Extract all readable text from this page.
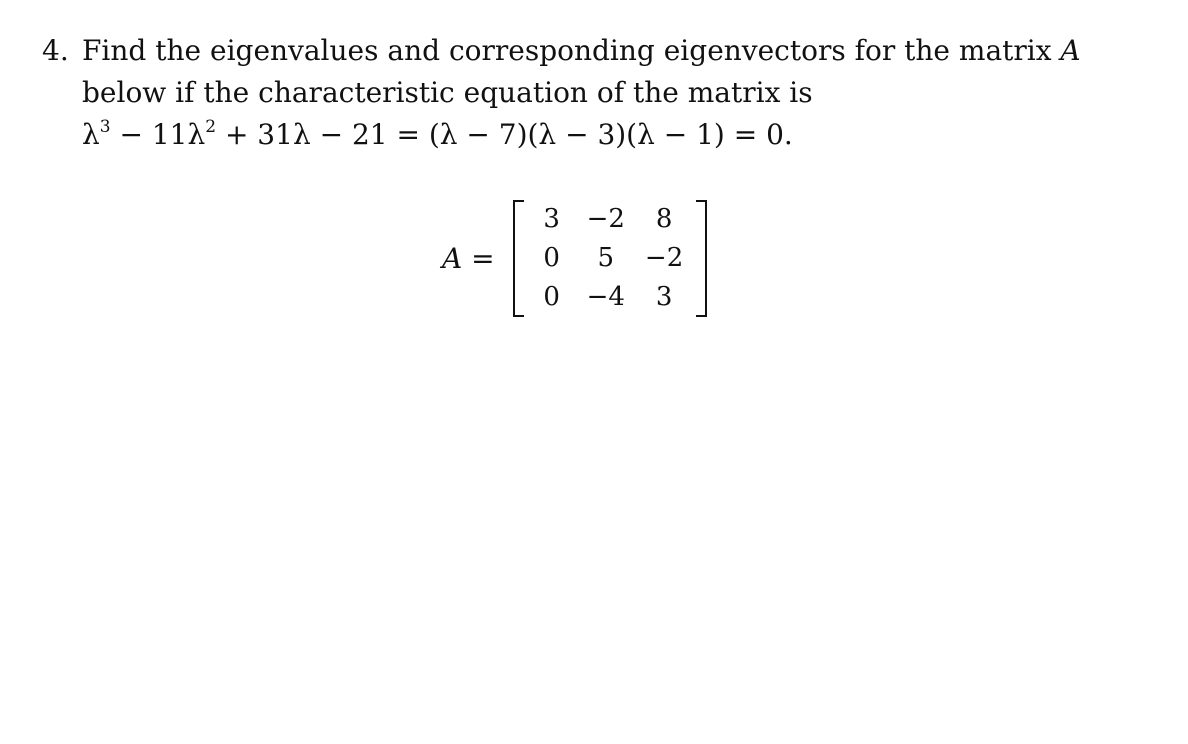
4. Find the eigenvalues and corresponding eigenvectors for the matrix A
below if the characteristic equation of the matrix is
$\lambda^3 - 11\lambda^2 + 31\lambda - 21 = (\lambda - 7)(\lambda - 3)(\lambda - 1) = 0$.
A =
3	−2	8
0	5	−2
0	−4	3
